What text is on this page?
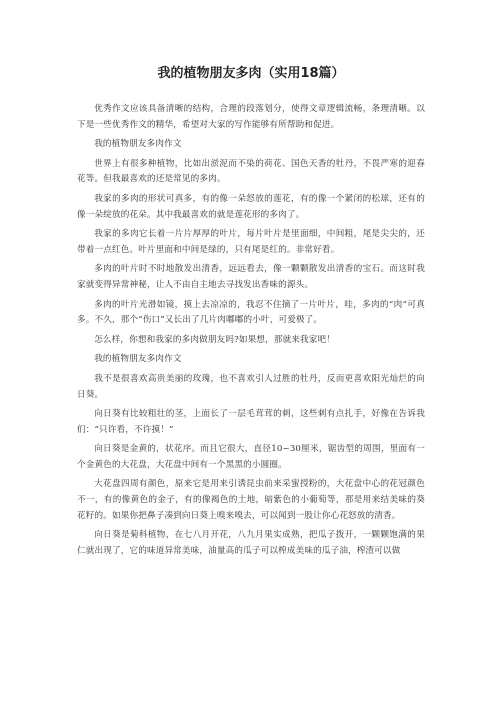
我的植物朋友多肉（实用18篇）

优秀作文应该具备清晰的结构，合理的段落划分，使得文章逻辑流畅，条理清晰。以下是一些优秀作文的精华，希望对大家的写作能够有所帮助和促进。

我的植物朋友多肉作文

世界上有很多种植物，比如出淤泥而不染的荷花、国色天香的牡丹，不畏严寒的迎春花等。但我最喜欢的还是常见的多肉。

我家的多肉的形状可真多，有的像一朵怒放的莲花，有的像一个紧闭的松球，还有的像一朵绽放的花朵。其中我最喜欢的就是莲花形的多肉了。

我家的多肉它长着一片片厚厚的叶片，每片叶片是里面细，中间粗，尾是尖尖的，还带着一点红色。叶片里面和中间是绿的，只有尾是红的。非常好看。

多肉的叶片时不时地散发出清香，远远看去，像一颗颗散发出清香的宝石。而这时我家就变得异常神秘，让人不由自主地去寻找发出香味的源头。

多肉的叶片光滑如镜，摸上去凉凉的，我忍不住摘了一片叶片，哇，多肉的“肉”可真多。不久，那个“伤口”又长出了几片肉嘟嘟的小叶，可爱极了。

怎么样，你想和我家的多肉做朋友吗?如果想，那就来我家吧！

我的植物朋友多肉作文

我不是很喜欢高贵美丽的玫瑰，也不喜欢引人过胜的牡丹，反而更喜欢阳光灿烂的向日葵。

向日葵有比较粗壮的茎，上面长了一层毛茸茸的刺，这些刺有点扎手，好像在告诉我们：“只许看，不许摸！”

向日葵是金黄的，状花序。而且它很大，直径10~30厘米，锯齿型的周围，里面有一个金黄色的大花盘，大花盘中间有一个黑黑的小圆圈。

大花盘四周有颜色，原来它是用来引诱昆虫前来采蜜授粉的，大花盘中心的花冠颜色不一，有的像黄色的金子，有的像褐色的土地，暗紫色的小葡萄等，那是用来结美味的葵花籽的。如果你把鼻子凑到向日葵上嗅来嗅去，可以闻到一股让你心花怒放的清香。

向日葵是菊科植物，在七八月开花，八九月果实成熟，把瓜子拨开，一颗颗饱满的果仁就出现了，它的味道异常美味，油量高的瓜子可以榨成美味的瓜子油，榨渣可以做
